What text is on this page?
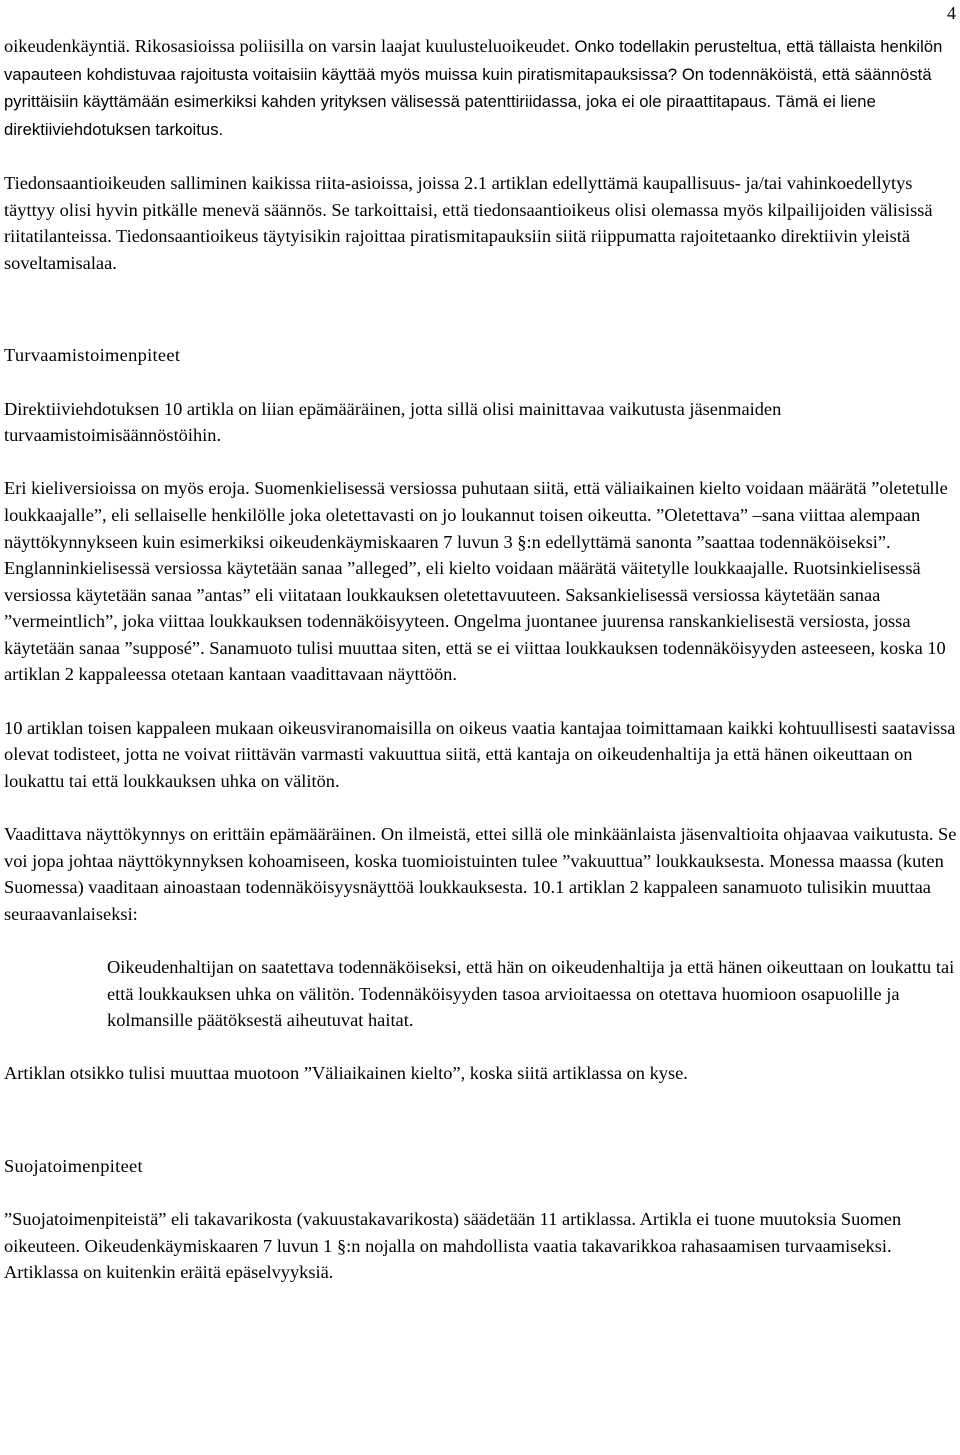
4

oikeudenkäyntiä. Rikosasioissa poliisilla on varsin laajat kuulusteluoikeudet. Onko todellakin perusteltua, että tällaista henkilön vapauteen kohdistuvaa rajoitusta voitaisiin käyttää myös muissa kuin piratismitapauksissa? On todennäköistä, että säännöstä pyrittäisiin käyttämään esimerkiksi kahden yrityksen välisessä patenttiriidassa, joka ei ole piraattitapaus. Tämä ei liene direktiiviehdotuksen tarkoitus.

Tiedonsaantioikeuden salliminen kaikissa riita-asioissa, joissa 2.1 artiklan edellyttämä kaupallisuus- ja/tai vahinkoedellytys täyttyy olisi hyvin pitkälle menevä säännös. Se tarkoittaisi, että tiedonsaantioikeus olisi olemassa myös kilpailijoiden välisissä riitatilanteissa. Tiedonsaantioikeus täytyisikin rajoittaa piratismitapauksiin siitä riippumatta rajoitetaanko direktiivin yleistä soveltamisalaa.

Turvaamistoimenpiteet

Direktiiviehdotuksen 10 artikla on liian epämääräinen, jotta sillä olisi mainittavaa vaikutusta jäsenmaiden turvaamistoimisäännöstöihin.

Eri kieliversioissa on myös eroja. Suomenkielisessä versiossa puhutaan siitä, että väliaikainen kielto voidaan määrätä ”oletetulle loukkaajalle”, eli sellaiselle henkilölle joka oletettavasti on jo loukannut toisen oikeutta. ”Oletettava” –sana viittaa alempaan näyttökynnykseen kuin esimerkiksi oikeudenkäymiskaaren 7 luvun 3 §:n edellyttämä sanonta ”saattaa todennäköiseksi”. Englanninkielisessä versiossa käytetään sanaa ”alleged”, eli kielto voidaan määrätä väitetylle loukkaajalle. Ruotsinkielisessä versiossa käytetään sanaa ”antas” eli viitataan loukkauksen oletettavuuteen. Saksankielisessä versiossa käytetään sanaa ”vermeintlich”, joka viittaa loukkauksen todennäköisyyteen. Ongelma juontanee juurensa ranskankielisestä versiosta, jossa käytetään sanaa ”supposé”. Sanamuoto tulisi muuttaa siten, että se ei viittaa loukkauksen todennäköisyyden asteeseen, koska 10 artiklan 2 kappaleessa otetaan kantaan vaadittavaan näyttöön.

10 artiklan toisen kappaleen mukaan oikeusviranomaisilla on oikeus vaatia kantajaa toimittamaan kaikki kohtuullisesti saatavissa olevat todisteet, jotta ne voivat riittävän varmasti vakuuttua siitä, että kantaja on oikeudenhaltija ja että hänen oikeuttaan on loukattu tai että loukkauksen uhka on välitön.

Vaadittava näyttökynnys on erittäin epämääräinen. On ilmeistä, ettei sillä ole minkäänlaista jäsenvaltioita ohjaavaa vaikutusta. Se voi jopa johtaa näyttökynnyksen kohoamiseen, koska tuomioistuinten tulee ”vakuuttua” loukkauksesta. Monessa maassa (kuten Suomessa) vaaditaan ainoastaan todennäköisyysnäyttöä loukkauksesta. 10.1 artiklan 2 kappaleen sanamuoto tulisikin muuttaa seuraavanlaiseksi:

Oikeudenhaltijan on saatettava todennäköiseksi, että hän on oikeudenhaltija ja että hänen oikeuttaan on loukattu tai että loukkauksen uhka on välitön. Todennäköisyyden tasoa arvioitaessa on otettava huomioon osapuolille ja kolmansille päätöksestä aiheutuvat haitat.

Artiklan otsikko tulisi muuttaa muotoon ”Väliaikainen kielto”, koska siitä artiklassa on kyse.

Suojatoimenpiteet

”Suojatoimenpiteistä” eli takavarikosta (vakuustakavarikosta) säädetään 11 artiklassa. Artikla ei tuone muutoksia Suomen oikeuteen. Oikeudenkäymiskaaren 7 luvun 1 §:n nojalla on mahdollista vaatia takavarikkoa rahasaamisen turvaamiseksi. Artiklassa on kuitenkin eräitä epäselvyyksiä.
